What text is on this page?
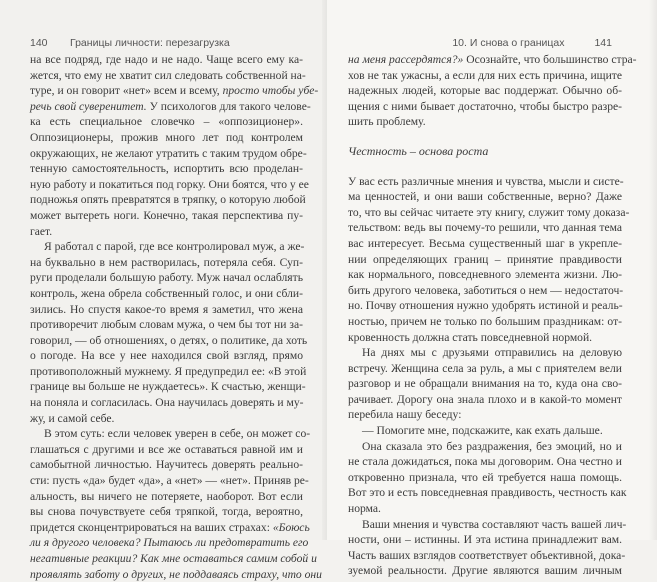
140	Границы личности: перезагрузка
на все подряд, где надо и не надо. Чаще всего ему ка-
жется, что ему не хватит сил следовать собственной на-
туре, и он говорит «нет» всем и всему, просто чтобы убе-
речь свой суверенитет. У психологов для такого челове-
ка есть специальное словечко – «оппозиционер».
Оппозиционеры, прожив много лет под контролем
окружающих, не желают утратить с таким трудом обре-
тенную самостоятельность, испортить всю проделан-
ную работу и покатиться под горку. Они боятся, что у ее
подножья опять превратятся в тряпку, о которую любой
может вытереть ноги. Конечно, такая перспектива пу-
гает.
Я работал с парой, где все контролировал муж, а же-
на буквально в нем растворилась, потеряла себя. Суп-
руги проделали большую работу. Муж начал ослаблять
контроль, жена обрела собственный голос, и они сбли-
зились. Но спустя какое-то время я заметил, что жена
противоречит любым словам мужа, о чем бы тот ни за-
говорил, — об отношениях, о детях, о политике, да хоть
о погоде. На все у нее находился свой взгляд, прямо
противоположный мужнему. Я предупредил ее: «В этой
границе вы больше не нуждаетесь». К счастью, женщи-
на поняла и согласилась. Она научилась доверять и му-
жу, и самой себе.
В этом суть: если человек уверен в себе, он может со-
глашаться с другими и все же оставаться равной им и
самобытной личностью. Научитесь доверять реально-
сти: пусть «да» будет «да», а «нет» — «нет». Приняв ре-
альность, вы ничего не потеряете, наоборот. Вот если
вы снова почувствуете себя тряпкой, тогда, вероятно,
придется сконцентрироваться на ваших страхах: «Боюсь
ли я другого человека? Пытаюсь ли предотвратить его
негативные реакции? Как мне оставаться самим собой и
проявлять заботу о других, не поддаваясь страху, что они
10. И снова о границах	141
на меня рассердятся?» Осознайте, что большинство стра-
хов не так ужасны, а если для них есть причина, ищите
надежных людей, которые вас поддержат. Обычно об-
щения с ними бывает достаточно, чтобы быстро разре-
шить проблему.
Честность – основа роста
У вас есть различные мнения и чувства, мысли и систе-
ма ценностей, и они ваши собственные, верно? Даже
то, что вы сейчас читаете эту книгу, служит тому доказа-
тельством: ведь вы почему-то решили, что данная тема
вас интересует. Весьма существенный шаг в укрепле-
нии определяющих границ – принятие правдивости
как нормального, повседневного элемента жизни. Лю-
бить другого человека, заботиться о нем — недостаточ-
но. Почву отношения нужно удобрять истиной и реаль-
ностью, причем не только по большим праздникам: от-
кровенность должна стать повседневной нормой.
На днях мы с друзьями отправились на деловую
встречу. Женщина села за руль, а мы с приятелем вели
разговор и не обращали внимания на то, куда она сво-
рачивает. Дорогу она знала плохо и в какой-то момент
перебила нашу беседу:
— Помогите мне, подскажите, как ехать дальше.
Она сказала это без раздражения, без эмоций, но и
не стала дожидаться, пока мы договорим. Она честно и
откровенно признала, что ей требуется наша помощь.
Вот это и есть повседневная правдивость, честность как
норма.
Ваши мнения и чувства составляют часть вашей лич-
ности, они – истинны. И эта истина принадлежит вам.
Часть ваших взглядов соответствует объективной, дока-
зуемой реальности. Другие являются вашим личным
